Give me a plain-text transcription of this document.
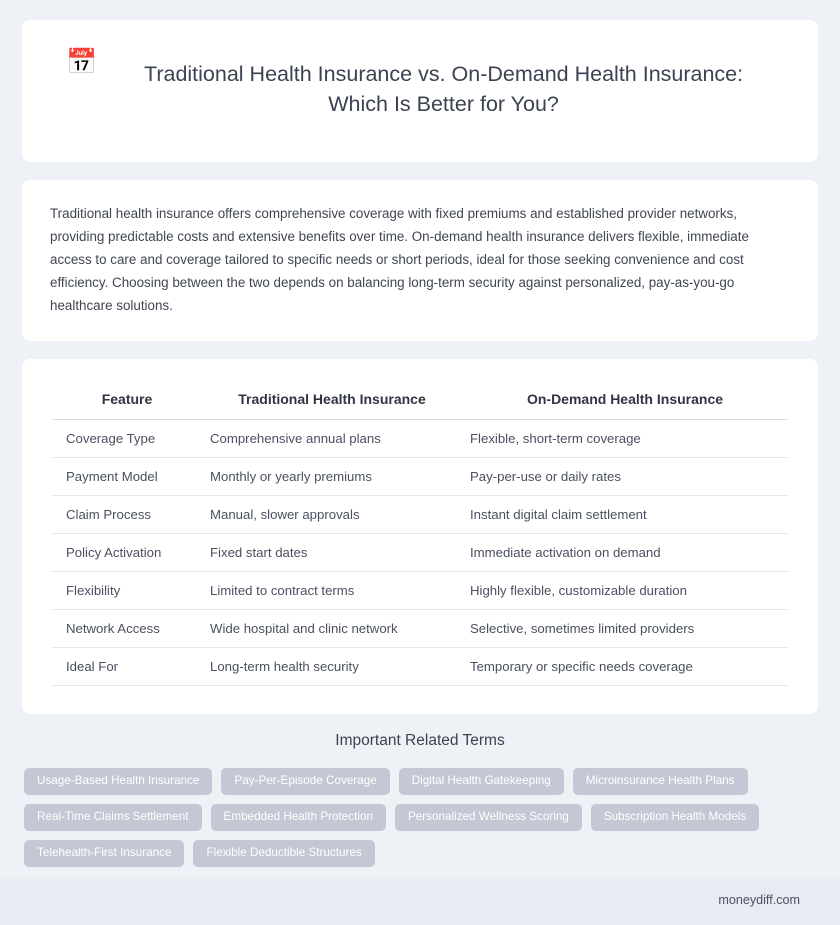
📅	Traditional Health Insurance vs. On-Demand Health Insurance: Which Is Better for You?

Traditional health insurance offers comprehensive coverage with fixed premiums and established provider networks, providing predictable costs and extensive benefits over time. On-demand health insurance delivers flexible, immediate access to care and coverage tailored to specific needs or short periods, ideal for those seeking convenience and cost efficiency. Choosing between the two depends on balancing long-term security against personalized, pay-as-you-go healthcare solutions.

Feature	Traditional Health Insurance	On-Demand Health Insurance
Coverage Type	Comprehensive annual plans	Flexible, short-term coverage
Payment Model	Monthly or yearly premiums	Pay-per-use or daily rates
Claim Process	Manual, slower approvals	Instant digital claim settlement
Policy Activation	Fixed start dates	Immediate activation on demand
Flexibility	Limited to contract terms	Highly flexible, customizable duration
Network Access	Wide hospital and clinic network	Selective, sometimes limited providers
Ideal For	Long-term health security	Temporary or specific needs coverage
Important Related Terms
Usage-Based Health Insurance	Pay-Per-Episode Coverage	Digital Health Gatekeeping	Microinsurance Health Plans
Real-Time Claims Settlement	Embedded Health Protection	Personalized Wellness Scoring	Subscription Health Models
Telehealth-First Insurance	Flexible Deductible Structures
moneydiff.com
